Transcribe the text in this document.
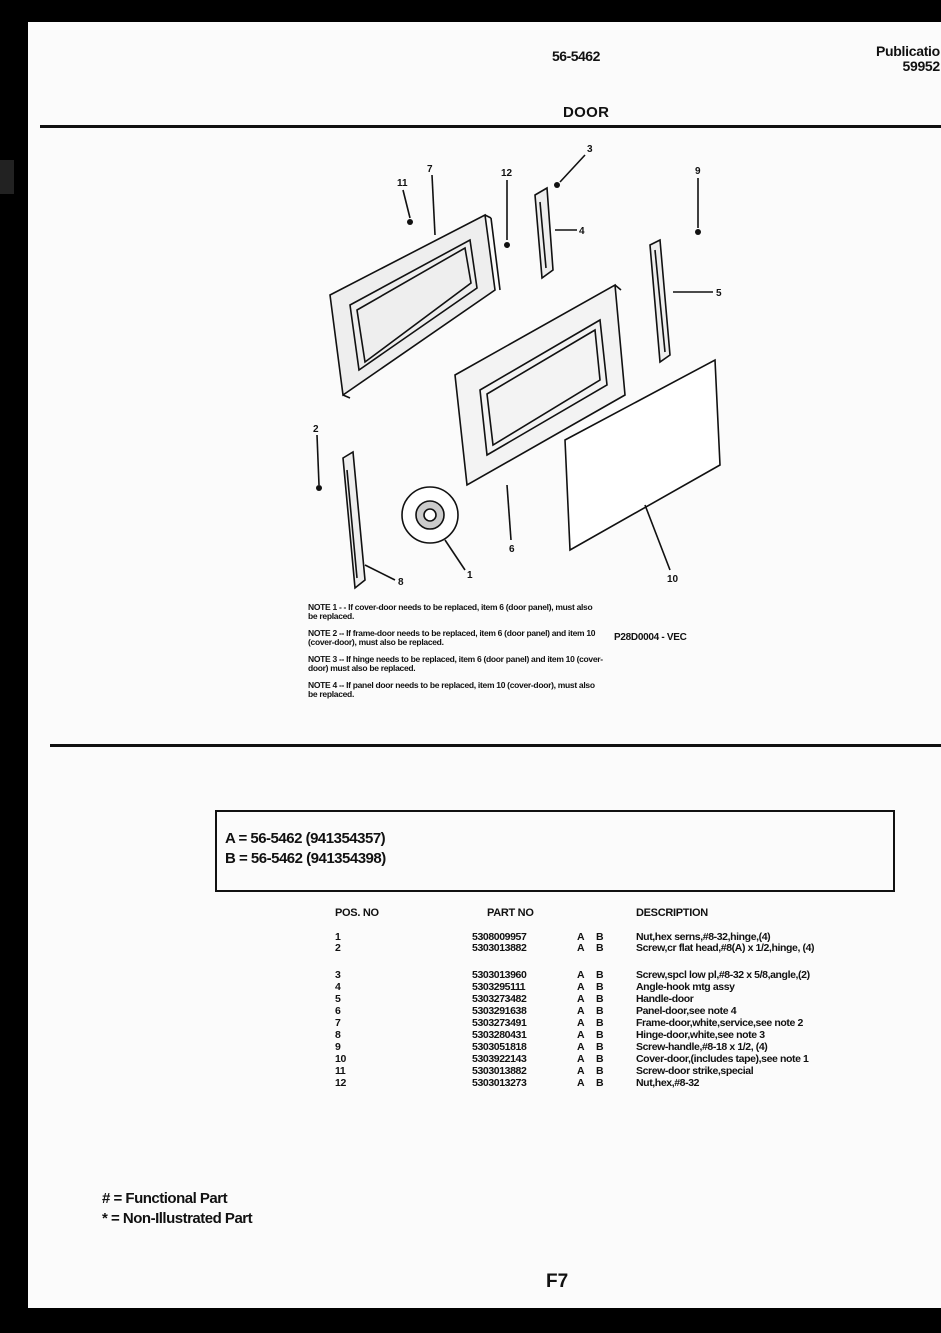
56-5462	Publicatio
59952
DOOR
11
7	12
3
4
9
5
2
8
6
1	10

NOTE 1 - - If cover-door needs to be replaced, item 6 (door panel), must also be replaced.

NOTE 2 -- If frame-door needs to be replaced, item 6 (door panel) and item 10 (cover-door), must also be replaced.

NOTE 3 -- If hinge needs to be replaced, item 6 (door panel) and item 10 (cover-door) must also be replaced.

NOTE 4 -- If panel door needs to be replaced, item 10 (cover-door), must also be replaced.

P28D0004 - VEC
A = 56-5462 (941354357)
B = 56-5462 (941354398)
POS. NO	PART NO	DESCRIPTION
1	5308009957	A B	Nut,hex serns,#8-32,hinge,(4)
2	5303013882	A B	Screw,cr flat head,#8(A) x 1/2,hinge, (4)
3	5303013960	A B	Screw,spcl low pl,#8-32 x 5/8,angle,(2)
4	5303295111	A B	Angle-hook mtg assy
5	5303273482	A B	Handle-door
6	5303291638	A B	Panel-door,see note 4
7	5303273491	A B	Frame-door,white,service,see note 2
8	5303280431	A B	Hinge-door,white,see note 3
9	5303051818	A B	Screw-handle,#8-18 x 1/2, (4)
10	5303922143	A B	Cover-door,(includes tape),see note 1
11	5303013882	A B	Screw-door strike,special
12	5303013273	A B	Nut,hex,#8-32
# = Functional Part
* = Non-Illustrated Part
F7
